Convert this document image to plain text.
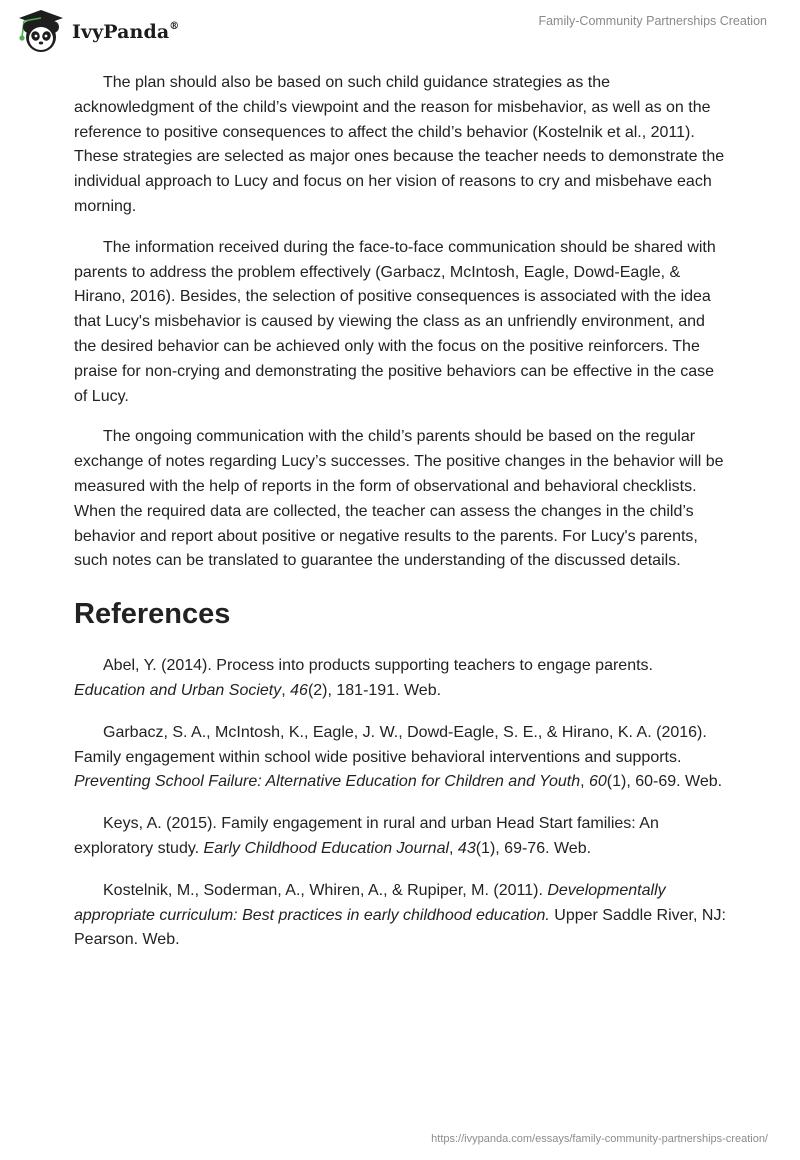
IvyPanda®	Family-Community Partnerships Creation

The plan should also be based on such child guidance strategies as the acknowledgment of the child’s viewpoint and the reason for misbehavior, as well as on the reference to positive consequences to affect the child’s behavior (Kostelnik et al., 2011). These strategies are selected as major ones because the teacher needs to demonstrate the individual approach to Lucy and focus on her vision of reasons to cry and misbehave each morning.

The information received during the face-to-face communication should be shared with parents to address the problem effectively (Garbacz, McIntosh, Eagle, Dowd-Eagle, & Hirano, 2016). Besides, the selection of positive consequences is associated with the idea that Lucy's misbehavior is caused by viewing the class as an unfriendly environment, and the desired behavior can be achieved only with the focus on the positive reinforcers. The praise for non-crying and demonstrating the positive behaviors can be effective in the case of Lucy.

The ongoing communication with the child’s parents should be based on the regular exchange of notes regarding Lucy’s successes. The positive changes in the behavior will be measured with the help of reports in the form of observational and behavioral checklists. When the required data are collected, the teacher can assess the changes in the child’s behavior and report about positive or negative results to the parents. For Lucy's parents, such notes can be translated to guarantee the understanding of the discussed details.

References

Abel, Y. (2014). Process into products supporting teachers to engage parents. Education and Urban Society, 46(2), 181-191. Web.

Garbacz, S. A., McIntosh, K., Eagle, J. W., Dowd-Eagle, S. E., & Hirano, K. A. (2016). Family engagement within school wide positive behavioral interventions and supports. Preventing School Failure: Alternative Education for Children and Youth, 60(1), 60-69. Web.

Keys, A. (2015). Family engagement in rural and urban Head Start families: An exploratory study. Early Childhood Education Journal, 43(1), 69-76. Web.

Kostelnik, M., Soderman, A., Whiren, A., & Rupiper, M. (2011). Developmentally appropriate curriculum: Best practices in early childhood education. Upper Saddle River, NJ: Pearson. Web.

https://ivypanda.com/essays/family-community-partnerships-creation/
